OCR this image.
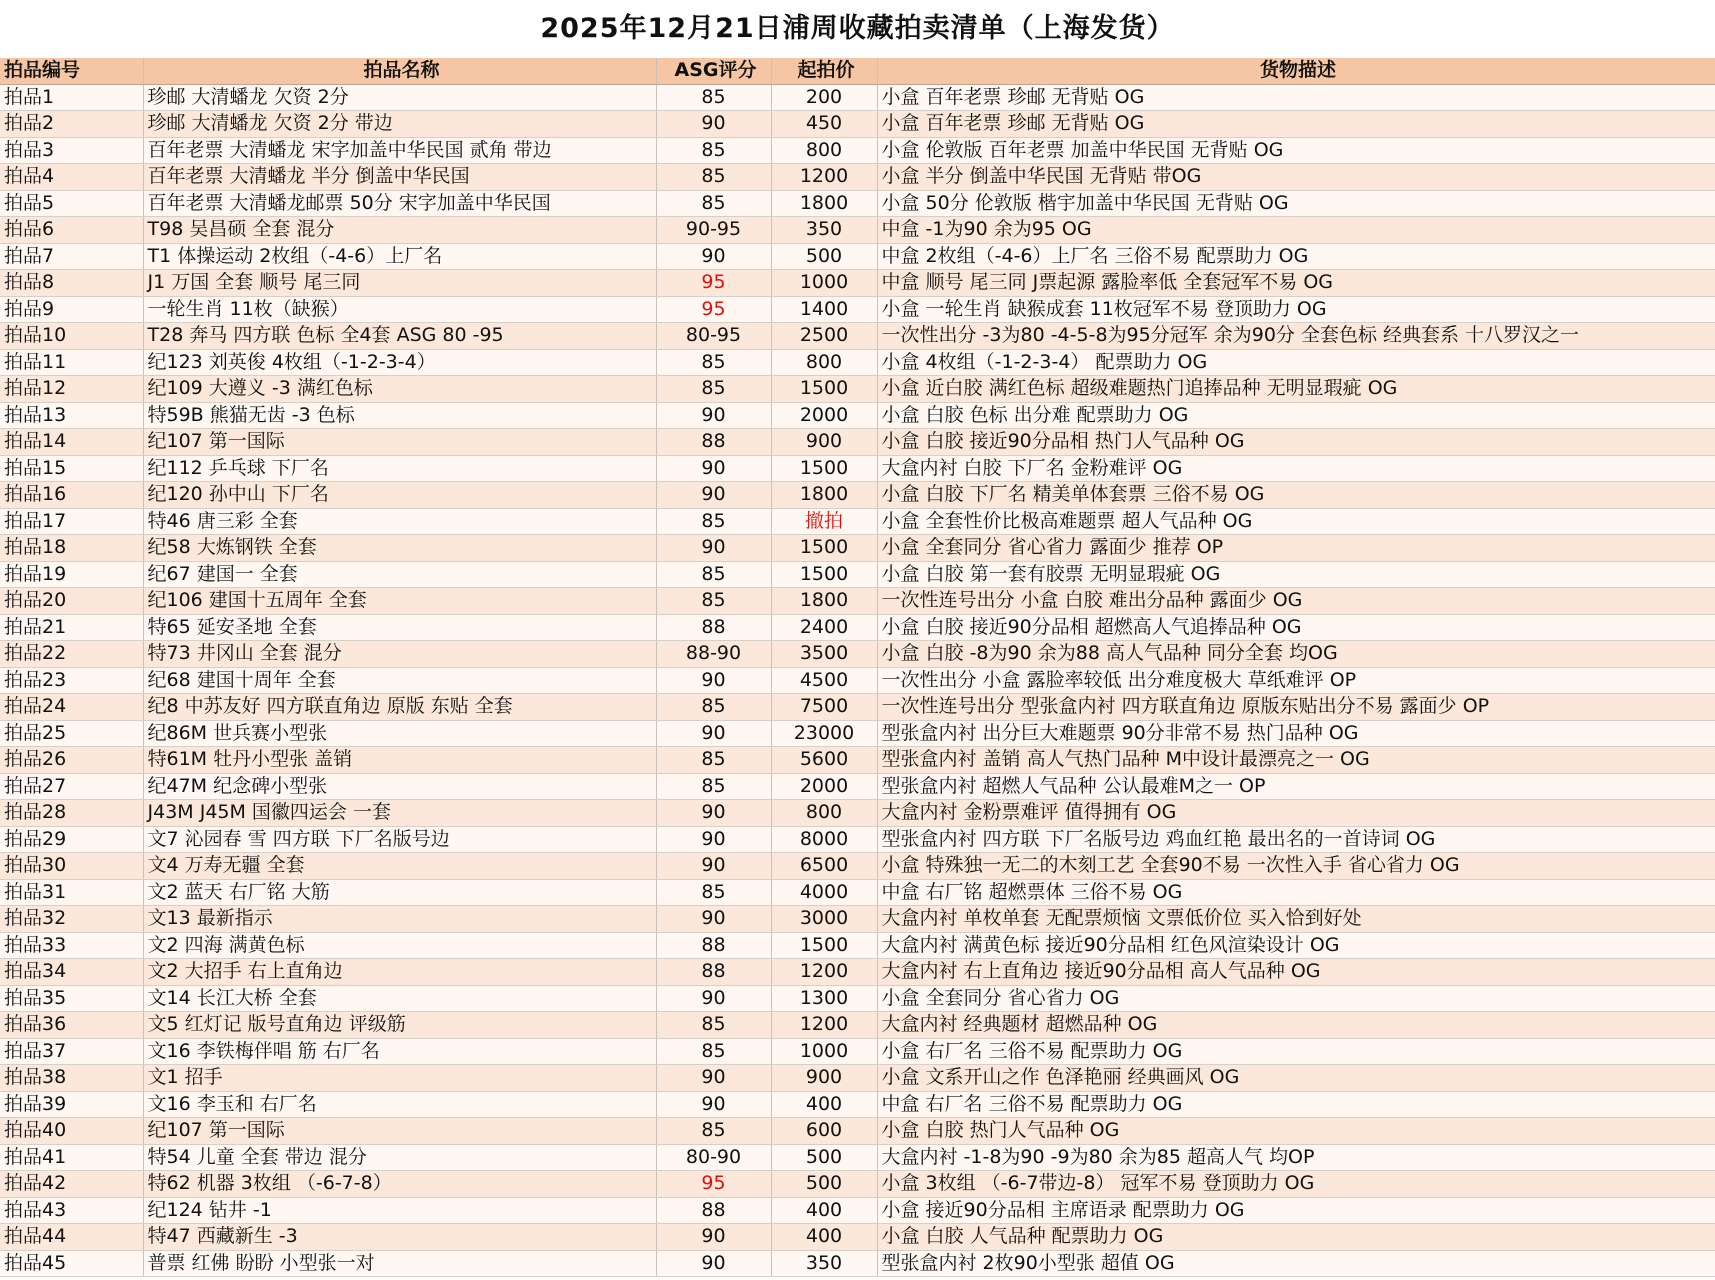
2025年12月21日浦周收藏拍卖清单（上海发货）
拍品编号	拍品名称	ASG评分	起拍价	货物描述
拍品1	珍邮 大清蟠龙 欠资 2分	85	200	小盒 百年老票 珍邮 无背贴 OG
拍品2	珍邮 大清蟠龙 欠资 2分 带边	90	450	小盒 百年老票 珍邮 无背贴 OG
拍品3	百年老票 大清蟠龙 宋字加盖中华民国 贰角 带边	85	800	小盒 伦敦版 百年老票 加盖中华民国 无背贴 OG
拍品4	百年老票 大清蟠龙 半分 倒盖中华民国	85	1200	小盒 半分 倒盖中华民国 无背贴 带OG
拍品5	百年老票 大清蟠龙邮票 50分 宋字加盖中华民国	85	1800	小盒 50分 伦敦版 楷宇加盖中华民国 无背贴 OG
拍品6	T98 吴昌硕 全套 混分	90-95	350	中盒 -1为90 余为95 OG
拍品7	T1 体操运动 2枚组（-4-6）上厂名	90	500	中盒 2枚组（-4-6）上厂名 三俗不易 配票助力 OG
拍品8	J1 万国 全套 顺号 尾三同	95	1000	中盒 顺号 尾三同 J票起源 露脸率低 全套冠军不易 OG
拍品9	一轮生肖 11枚（缺猴）	95	1400	小盒 一轮生肖 缺猴成套 11枚冠军不易 登顶助力 OG
拍品10	T28 奔马 四方联 色标 全4套 ASG 80 -95	80-95	2500	一次性出分 -3为80 -4-5-8为95分冠军 余为90分 全套色标 经典套系 十八罗汉之一
拍品11	纪123 刘英俊 4枚组（-1-2-3-4）	85	800	小盒 4枚组（-1-2-3-4） 配票助力 OG
拍品12	纪109 大遵义 -3 满红色标	85	1500	小盒 近白胶 满红色标 超级难题热门追捧品种 无明显瑕疵 OG
拍品13	特59B 熊猫无齿 -3 色标	90	2000	小盒 白胶 色标 出分难 配票助力 OG
拍品14	纪107 第一国际	88	900	小盒 白胶 接近90分品相 热门人气品种 OG
拍品15	纪112 乒乓球 下厂名	90	1500	大盒内衬 白胶 下厂名 金粉难评 OG
拍品16	纪120 孙中山 下厂名	90	1800	小盒 白胶 下厂名 精美单体套票 三俗不易 OG
拍品17	特46 唐三彩 全套	85	撤拍	小盒 全套性价比极高难题票 超人气品种 OG
拍品18	纪58 大炼钢铁 全套	90	1500	小盒 全套同分 省心省力 露面少 推荐 OP
拍品19	纪67 建国一 全套	85	1500	小盒 白胶 第一套有胶票 无明显瑕疵 OG
拍品20	纪106 建国十五周年 全套	85	1800	一次性连号出分 小盒 白胶 难出分品种 露面少 OG
拍品21	特65 延安圣地 全套	88	2400	小盒 白胶 接近90分品相 超燃高人气追捧品种 OG
拍品22	特73 井冈山 全套 混分	88-90	3500	小盒 白胶 -8为90 余为88 高人气品种 同分全套 均OG
拍品23	纪68 建国十周年 全套	90	4500	一次性出分 小盒 露脸率较低 出分难度极大 草纸难评 OP
拍品24	纪8 中苏友好 四方联直角边 原版 东贴 全套	85	7500	一次性连号出分 型张盒内衬 四方联直角边 原版东贴出分不易 露面少 OP
拍品25	纪86M 世兵赛小型张	90	23000	型张盒内衬 出分巨大难题票 90分非常不易 热门品种 OG
拍品26	特61M 牡丹小型张 盖销	85	5600	型张盒内衬 盖销 高人气热门品种 M中设计最漂亮之一 OG
拍品27	纪47M 纪念碑小型张	85	2000	型张盒内衬 超燃人气品种 公认最难M之一 OP
拍品28	J43M J45M 国徽四运会 一套	90	800	大盒内衬 金粉票难评 值得拥有 OG
拍品29	文7 沁园春 雪 四方联 下厂名版号边	90	8000	型张盒内衬 四方联 下厂名版号边 鸡血红艳 最出名的一首诗词 OG
拍品30	文4 万寿无疆 全套	90	6500	小盒 特殊独一无二的木刻工艺 全套90不易 一次性入手 省心省力 OG
拍品31	文2 蓝天 右厂铭 大筋	85	4000	中盒 右厂铭 超燃票体 三俗不易 OG
拍品32	文13 最新指示	90	3000	大盒内衬 单枚单套 无配票烦恼 文票低价位 买入恰到好处
拍品33	文2 四海 满黄色标	88	1500	大盒内衬 满黄色标 接近90分品相 红色风渲染设计 OG
拍品34	文2 大招手 右上直角边	88	1200	大盒内衬 右上直角边 接近90分品相 高人气品种 OG
拍品35	文14 长江大桥 全套	90	1300	小盒 全套同分 省心省力 OG
拍品36	文5 红灯记 版号直角边 评级筋	85	1200	大盒内衬 经典题材 超燃品种 OG
拍品37	文16 李铁梅伴唱 筋 右厂名	85	1000	小盒 右厂名 三俗不易 配票助力 OG
拍品38	文1 招手	90	900	小盒 文系开山之作 色泽艳丽 经典画风 OG
拍品39	文16 李玉和 右厂名	90	400	中盒 右厂名 三俗不易 配票助力 OG
拍品40	纪107 第一国际	85	600	小盒 白胶 热门人气品种 OG
拍品41	特54 儿童 全套 带边 混分	80-90	500	大盒内衬 -1-8为90 -9为80 余为85 超高人气 均OP
拍品42	特62 机器 3枚组 （-6-7-8）	95	500	小盒 3枚组 （-6-7带边-8） 冠军不易 登顶助力 OG
拍品43	纪124 钻井 -1	88	400	小盒 接近90分品相 主席语录 配票助力 OG
拍品44	特47 西藏新生 -3	90	400	小盒 白胶 人气品种 配票助力 OG
拍品45	普票 红佛 盼盼 小型张一对	90	350	型张盒内衬 2枚90小型张 超值 OG
